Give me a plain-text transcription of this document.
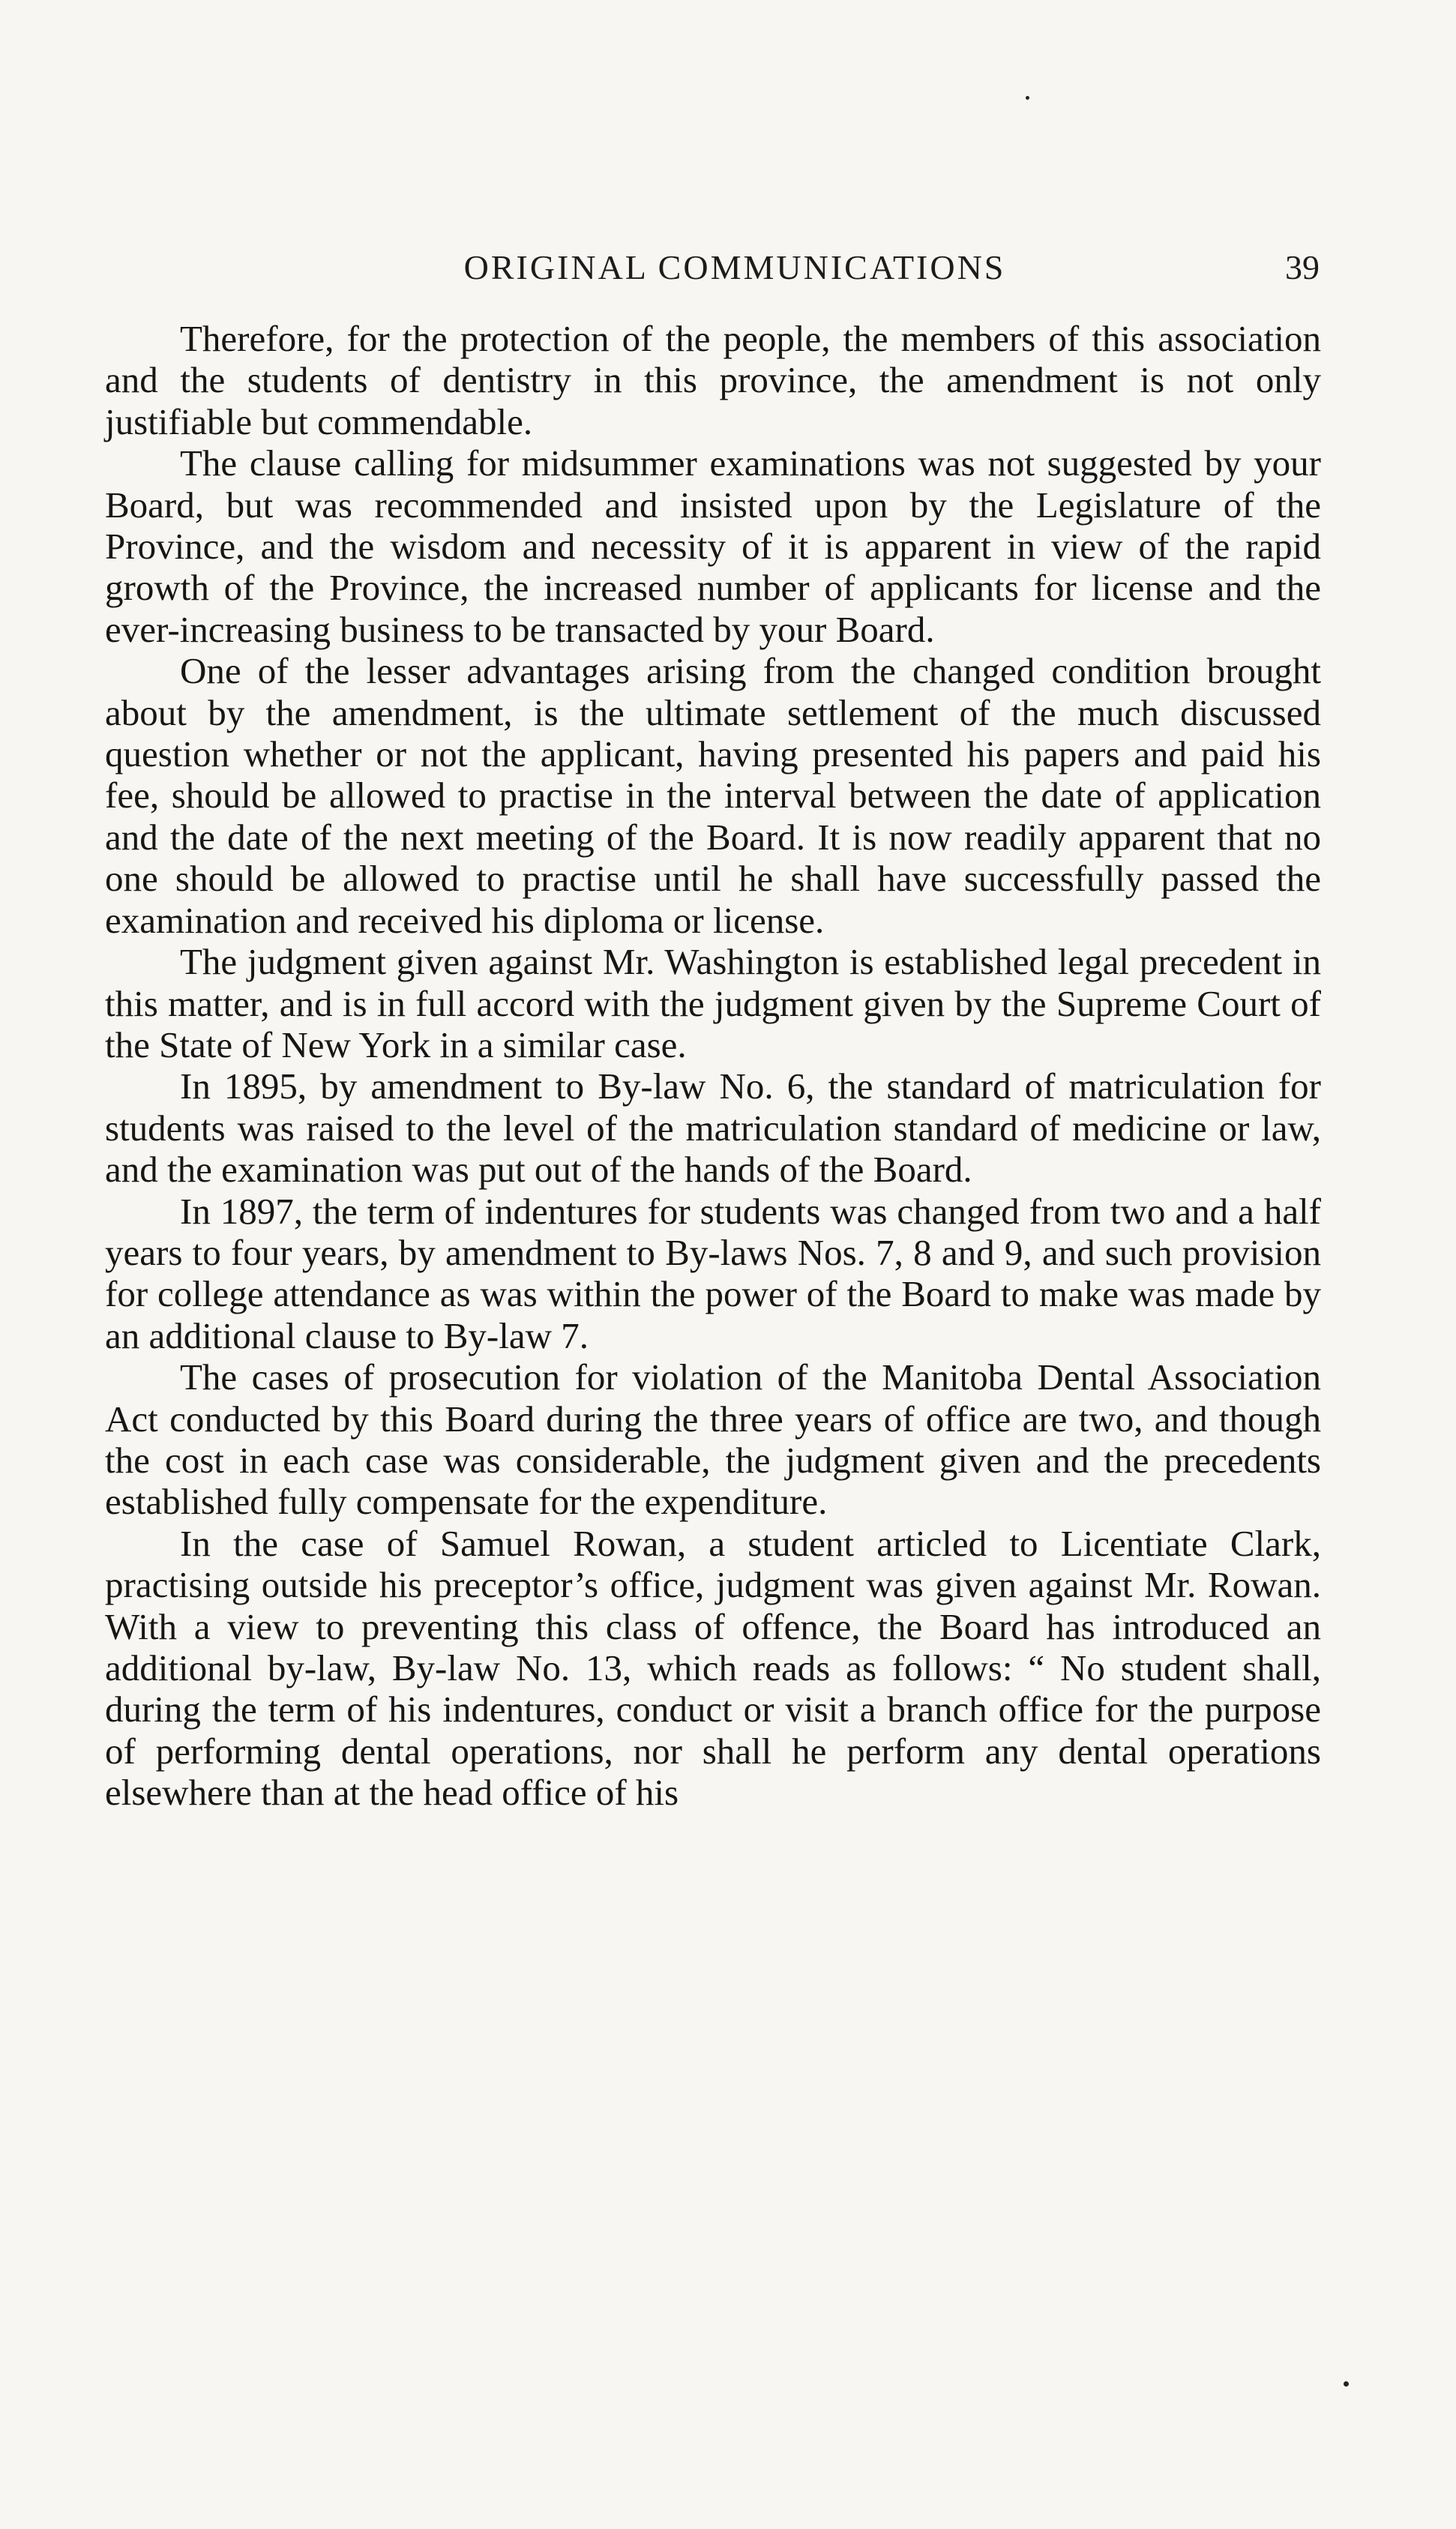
ORIGINAL COMMUNICATIONS	39

Therefore, for the protection of the people, the members of this association and the students of dentistry in this province, the amendment is not only justifiable but commendable.

The clause calling for midsummer examinations was not suggested by your Board, but was recommended and insisted upon by the Legislature of the Province, and the wisdom and necessity of it is apparent in view of the rapid growth of the Province, the increased number of applicants for license and the ever-increasing business to be transacted by your Board.

One of the lesser advantages arising from the changed condition brought about by the amendment, is the ultimate settlement of the much discussed question whether or not the applicant, having presented his papers and paid his fee, should be allowed to practise in the interval between the date of application and the date of the next meeting of the Board. It is now readily apparent that no one should be allowed to practise until he shall have successfully passed the examination and received his diploma or license.

The judgment given against Mr. Washington is established legal precedent in this matter, and is in full accord with the judgment given by the Supreme Court of the State of New York in a similar case.

In 1895, by amendment to By-law No. 6, the standard of matriculation for students was raised to the level of the matriculation standard of medicine or law, and the examination was put out of the hands of the Board.

In 1897, the term of indentures for students was changed from two and a half years to four years, by amendment to By-laws Nos. 7, 8 and 9, and such provision for college attendance as was within the power of the Board to make was made by an additional clause to By-law 7.

The cases of prosecution for violation of the Manitoba Dental Association Act conducted by this Board during the three years of office are two, and though the cost in each case was considerable, the judgment given and the precedents established fully compensate for the expenditure.

In the case of Samuel Rowan, a student articled to Licentiate Clark, practising outside his preceptor’s office, judgment was given against Mr. Rowan. With a view to preventing this class of offence, the Board has introduced an additional by-law, By-law No. 13, which reads as follows: “ No student shall, during the term of his indentures, conduct or visit a branch office for the purpose of performing dental operations, nor shall he perform any dental operations elsewhere than at the head office of his
